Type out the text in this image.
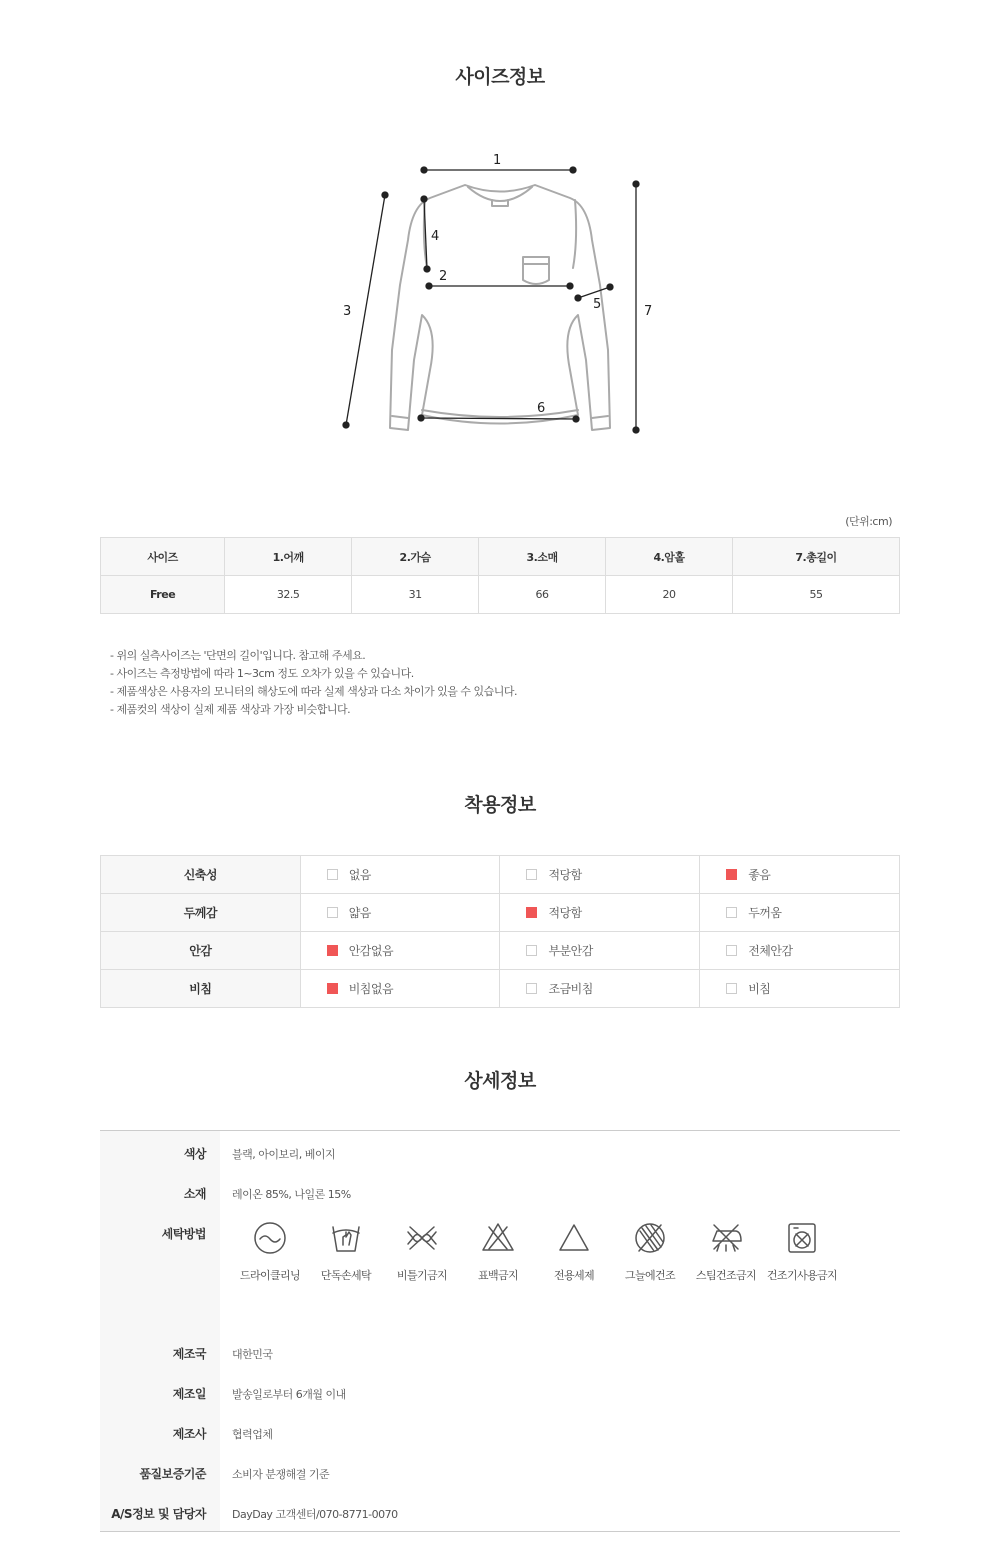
사이즈정보
1
2
3
4
5
6
7
(단위:cm)
사이즈	1.어깨	2.가슴	3.소매	4.암홀	7.총길이
Free	32.5	31	66	20	55
- 위의 실측사이즈는 '단면의 길이'입니다. 참고해 주세요.
- 사이즈는 측정방법에 따라 1~3cm 정도 오차가 있을 수 있습니다.
- 제품색상은 사용자의 모니터의 해상도에 따라 실제 색상과 다소 차이가 있을 수 있습니다.
- 제품컷의 색상이 실제 제품 색상과 가장 비슷합니다.
착용정보
신축성	없음	적당함	좋음
두께감	얇음	적당함	두꺼움
안감	안감없음	부분안감	전체안감
비침	비침없음	조금비침	비침
상세정보
색상	블랙, 아이보리, 베이지
소재	레이온 85%, 나일론 15%
세탁방법
드라이클리닝	단독손세탁	비틀기금지	표백금지	전용세제	그늘에건조	스팀건조금지 건조기사용금지
제조국	대한민국
제조일	발송일로부터 6개월 이내
제조사	협력업체
품질보증기준	소비자 분쟁해결 기준
A/S정보 및 담당자	DayDay 고객센터/070-8771-0070
